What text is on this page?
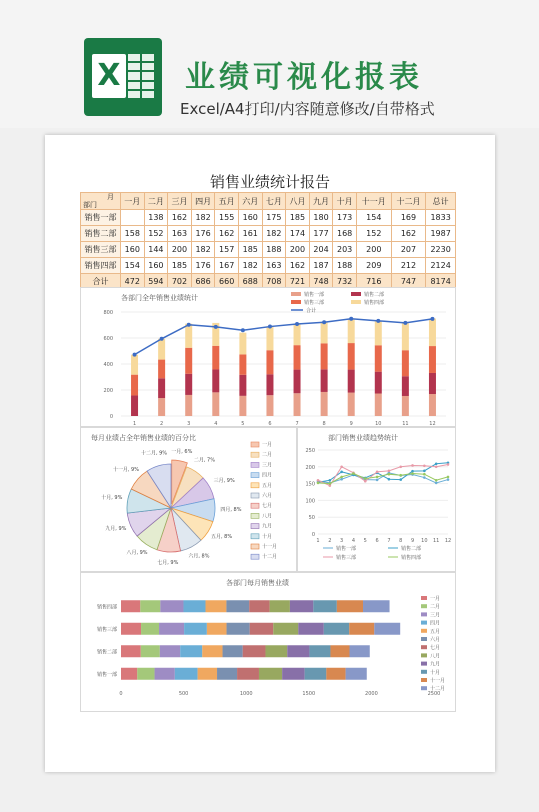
X 业绩可视化报表
Excel/A4打印/内容随意修改/自带格式
销售业绩统计报告
月
部门	一月	二月	三月	四月	五月	六月	七月	八月	九月	十月	十一月	十二月	总计
销售一部		138	162	182	155	160	175	185	180	173	154	169	1833
销售二部	158	152	163	176	162	161	182	174	177	168	152	162	1987
销售三部	160	144	200	182	157	185	188	200	204	203	200	207	2230
销售四部	154	160	185	176	167	182	163	162	187	188	209	212	2124
合计	472	594	702	686	660	688	708	721	748	732	716	747	8174
各部门全年销售业绩统计
800
600
400
200
0
1	2	3	4	5	6	7	8	9	10	11	12
销售一部	销售二部
销售三部	销售四部
合计
每月业绩占全年销售业绩的百分比
一月, 6%
二月, 7%
三月, 9%
四月, 8%
五月, 8%
六月, 8%
七月, 9%
八月, 9%
九月, 9%
十月, 9%
十一月, 9%
十二月, 9%
一月
二月
三月
四月
五月
六月
七月
八月
九月
十月
十一月
十二月
部门销售业绩趋势统计
250
200
150
100
50
0
1 2 3 4 5 6 7 8 9 10 11 12
销售一部	销售二部
销售三部	销售四部
各部门每月销售业绩
0	500	1000	1500	2000	2500
销售四部
销售三部
销售二部
销售一部
一月
二月
三月
四月
五月
六月
七月
八月
九月
十月
十一月
十二月
